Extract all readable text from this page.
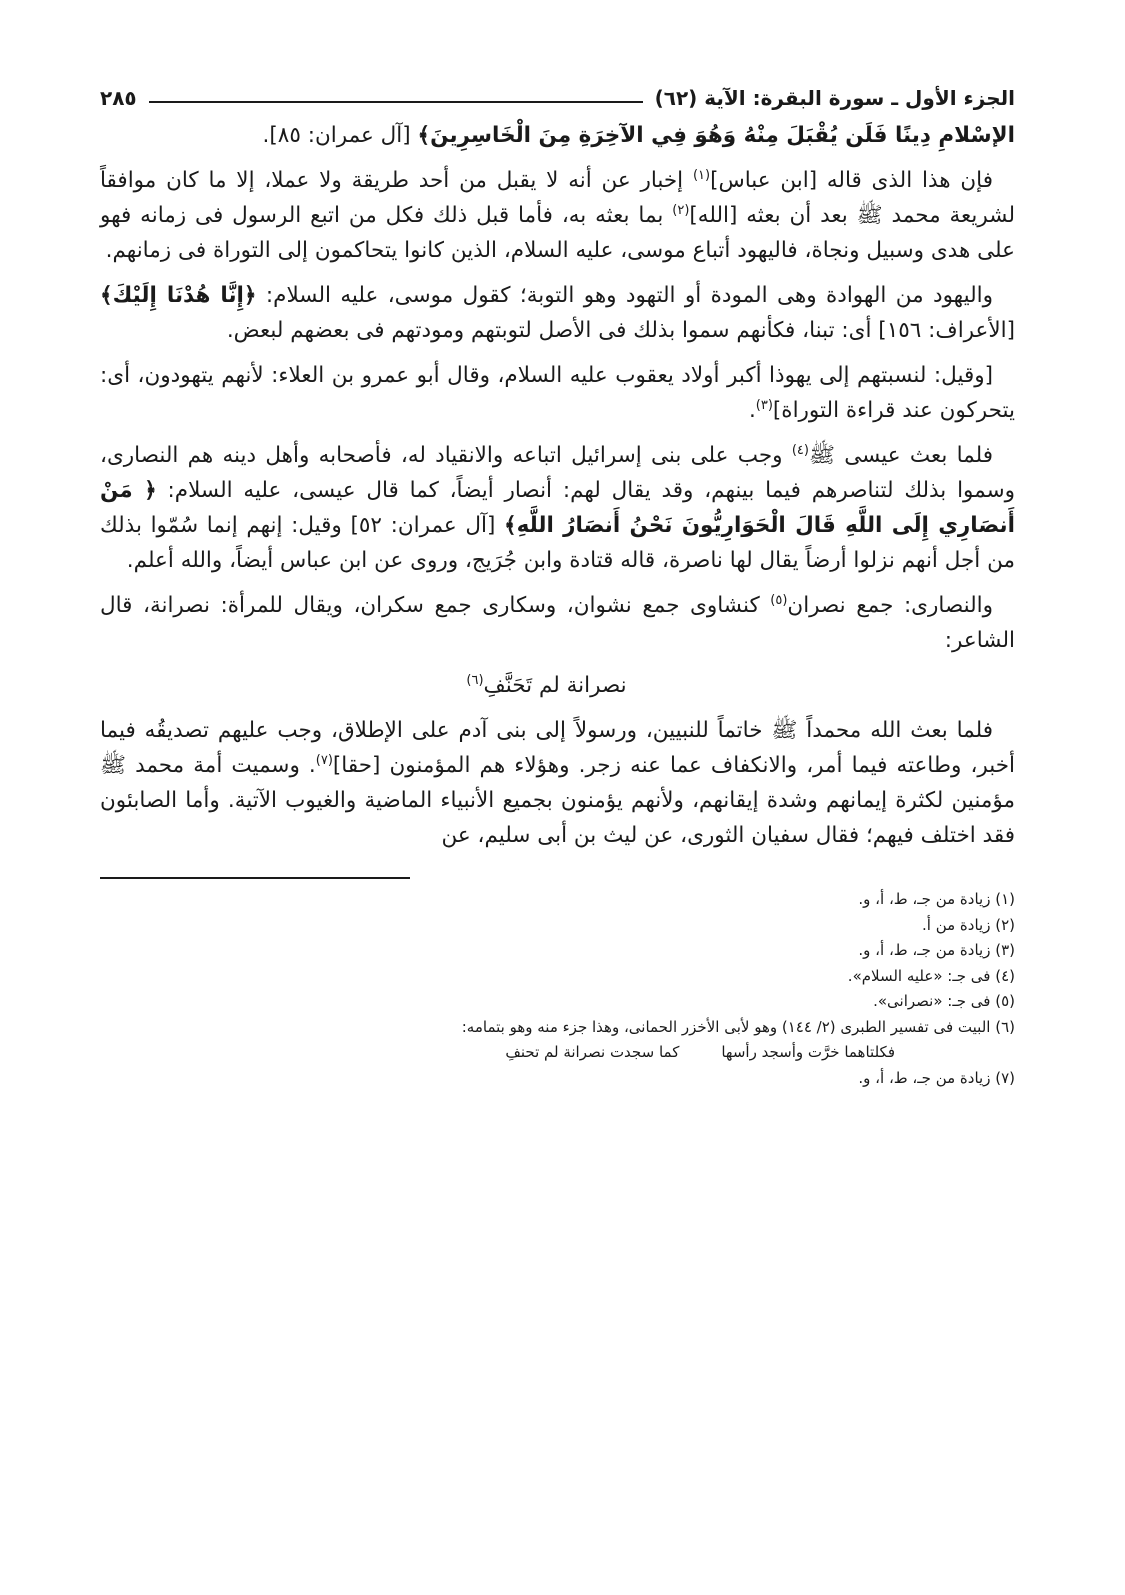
الجزء الأول ـ سورة البقرة: الآية (٦٢)
٢٨٥

الإسْلامِ دِينًا فَلَن يُقْبَلَ مِنْهُ وَهُوَ فِي الآخِرَةِ مِنَ الْخَاسِرِينَ﴾ [آل عمران: ٨٥].

فإن هذا الذى قاله [ابن عباس]$^{(١)}$ إخبار عن أنه لا يقبل من أحد طريقة ولا عملا، إلا ما كان موافقاً لشريعة محمد ﷺ بعد أن بعثه [الله]$^{(٢)}$ بما بعثه به، فأما قبل ذلك فكل من اتبع الرسول فى زمانه فهو على هدى وسبيل ونجاة، فاليهود أتباع موسى، عليه السلام، الذين كانوا يتحاكمون إلى التوراة فى زمانهم.

واليهود من الهوادة وهى المودة أو التهود وهو التوبة؛ كقول موسى، عليه السلام: ﴿إِنَّا هُدْنَا إِلَيْكَ﴾ [الأعراف: ١٥٦] أى: تبنا، فكأنهم سموا بذلك فى الأصل لتوبتهم ومودتهم فى بعضهم لبعض.

[وقيل: لنسبتهم إلى يهوذا أكبر أولاد يعقوب عليه السلام، وقال أبو عمرو بن العلاء: لأنهم يتهودون، أى: يتحركون عند قراءة التوراة]$^{(٣)}$.

فلما بعث عيسى ﷺ$^{(٤)}$ وجب على بنى إسرائيل اتباعه والانقياد له، فأصحابه وأهل دينه هم النصارى، وسموا بذلك لتناصرهم فيما بينهم، وقد يقال لهم: أنصار أيضاً، كما قال عيسى، عليه السلام: ﴿ مَنْ أَنصَارِي إِلَى اللَّهِ قَالَ الْحَوَارِيُّونَ نَحْنُ أَنصَارُ اللَّهِ﴾ [آل عمران: ٥٢] وقيل: إنهم إنما سُمّوا بذلك من أجل أنهم نزلوا أرضاً يقال لها ناصرة، قاله قتادة وابن جُرَيج، وروى عن ابن عباس أيضاً، والله أعلم.

والنصارى: جمع نصران$^{(٥)}$ كنشاوى جمع نشوان، وسكارى جمع سكران، ويقال للمرأة: نصرانة، قال الشاعر:

نصرانة لم تَحَنَّفِ$^{(٦)}$

فلما بعث الله محمداً ﷺ خاتماً للنبيين، ورسولاً إلى بنى آدم على الإطلاق، وجب عليهم تصديقُه فيما أخبر، وطاعته فيما أمر، والانكفاف عما عنه زجر. وهؤلاء هم المؤمنون [حقا]$^{(٧)}$. وسميت أمة محمد ﷺ مؤمنين لكثرة إيمانهم وشدة إيقانهم، ولأنهم يؤمنون بجميع الأنبياء الماضية والغيوب الآتية. وأما الصابئون فقد اختلف فيهم؛ فقال سفيان الثورى، عن ليث بن أبى سليم، عن

(١) زيادة من جـ، ط، أ، و.

(٢) زيادة من أ.

(٣) زيادة من جـ، ط، أ، و.

(٤) فى جـ: «عليه السلام».

(٥) فى جـ: «نصرانى».

(٦) البيت فى تفسير الطبرى (٢/ ١٤٤) وهو لأبى الأخزر الحمانى، وهذا جزء منه وهو بتمامه:

فكلتاهما خرَّت وأسجد رأسها
كما سجدت نصرانة لم تحنفِ

(٧) زيادة من جـ، ط، أ، و.
